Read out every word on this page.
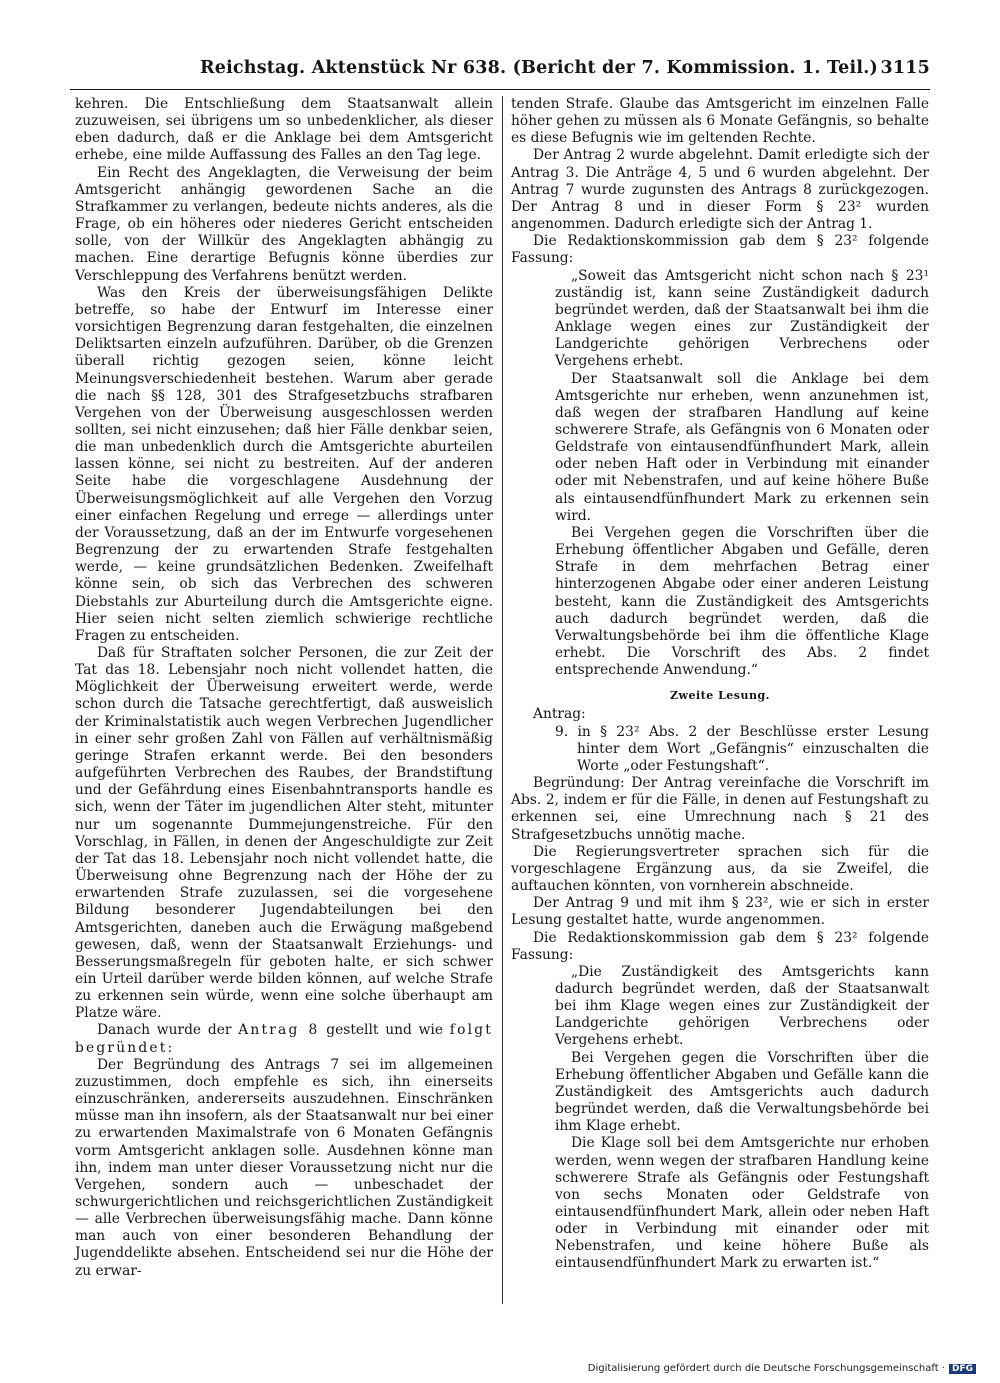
Reichstag. Aktenstück Nr 638. (Bericht der 7. Kommission. 1. Teil.) 3115

kehren. Die Entschließung dem Staatsanwalt allein zuzuweisen, sei übrigens um so unbedenklicher, als dieser eben dadurch, daß er die Anklage bei dem Amtsgericht erhebe, eine milde Auffassung des Falles an den Tag lege.

Ein Recht des Angeklagten, die Verweisung der beim Amtsgericht anhängig gewordenen Sache an die Strafkammer zu verlangen, bedeute nichts anderes, als die Frage, ob ein höheres oder niederes Gericht entscheiden solle, von der Willkür des Angeklagten abhängig zu machen. Eine derartige Befugnis könne überdies zur Verschleppung des Verfahrens benützt werden.

Was den Kreis der überweisungsfähigen Delikte betreffe, so habe der Entwurf im Interesse einer vorsichtigen Begrenzung daran festgehalten, die einzelnen Deliktsarten einzeln aufzuführen. Darüber, ob die Grenzen überall richtig gezogen seien, könne leicht Meinungsverschiedenheit bestehen. Warum aber gerade die nach §§ 128, 301 des Strafgesetzbuchs strafbaren Vergehen von der Überweisung ausgeschlossen werden sollten, sei nicht einzusehen; daß hier Fälle denkbar seien, die man unbedenklich durch die Amtsgerichte aburteilen lassen könne, sei nicht zu bestreiten. Auf der anderen Seite habe die vorgeschlagene Ausdehnung der Überweisungsmöglichkeit auf alle Vergehen den Vorzug einer einfachen Regelung und errege — allerdings unter der Voraussetzung, daß an der im Entwurfe vorgesehenen Begrenzung der zu erwartenden Strafe festgehalten werde, — keine grundsätzlichen Bedenken. Zweifelhaft könne sein, ob sich das Verbrechen des schweren Diebstahls zur Aburteilung durch die Amtsgerichte eigne. Hier seien nicht selten ziemlich schwierige rechtliche Fragen zu entscheiden.

Daß für Straftaten solcher Personen, die zur Zeit der Tat das 18. Lebensjahr noch nicht vollendet hatten, die Möglichkeit der Überweisung erweitert werde, werde schon durch die Tatsache gerechtfertigt, daß ausweislich der Kriminalstatistik auch wegen Verbrechen Jugendlicher in einer sehr großen Zahl von Fällen auf verhältnismäßig geringe Strafen erkannt werde. Bei den besonders aufgeführten Verbrechen des Raubes, der Brandstiftung und der Gefährdung eines Eisenbahntransports handle es sich, wenn der Täter im jugendlichen Alter steht, mitunter nur um sogenannte Dummejungenstreiche. Für den Vorschlag, in Fällen, in denen der Angeschuldigte zur Zeit der Tat das 18. Lebensjahr noch nicht vollendet hatte, die Überweisung ohne Begrenzung nach der Höhe der zu erwartenden Strafe zuzulassen, sei die vorgesehene Bildung besonderer Jugendabteilungen bei den Amtsgerichten, daneben auch die Erwägung maßgebend gewesen, daß, wenn der Staatsanwalt Erziehungs- und Besserungsmaßregeln für geboten halte, er sich schwer ein Urteil darüber werde bilden können, auf welche Strafe zu erkennen sein würde, wenn eine solche überhaupt am Platze wäre.

Danach wurde der Antrag 8 gestellt und wie folgt begründet:

Der Begründung des Antrags 7 sei im allgemeinen zuzustimmen, doch empfehle es sich, ihn einerseits einzuschränken, andererseits auszudehnen. Einschränken müsse man ihn insofern, als der Staatsanwalt nur bei einer zu erwartenden Maximalstrafe von 6 Monaten Gefängnis vorm Amtsgericht anklagen solle. Ausdehnen könne man ihn, indem man unter dieser Voraussetzung nicht nur die Vergehen, sondern auch — unbeschadet der schwurgerichtlichen und reichsgerichtlichen Zuständigkeit — alle Verbrechen überweisungsfähig mache. Dann könne man auch von einer besonderen Behandlung der Jugenddelikte absehen. Entscheidend sei nur die Höhe der zu erwar-

tenden Strafe. Glaube das Amtsgericht im einzelnen Falle höher gehen zu müssen als 6 Monate Gefängnis, so behalte es diese Befugnis wie im geltenden Rechte.

Der Antrag 2 wurde abgelehnt. Damit erledigte sich der Antrag 3. Die Anträge 4, 5 und 6 wurden abgelehnt. Der Antrag 7 wurde zugunsten des Antrags 8 zurückgezogen. Der Antrag 8 und in dieser Form § 23² wurden angenommen. Dadurch erledigte sich der Antrag 1.

Die Redaktionskommission gab dem § 23² folgende Fassung:

„Soweit das Amtsgericht nicht schon nach § 23¹ zuständig ist, kann seine Zuständigkeit dadurch begründet werden, daß der Staatsanwalt bei ihm die Anklage wegen eines zur Zuständigkeit der Landgerichte gehörigen Verbrechens oder Vergehens erhebt.

Der Staatsanwalt soll die Anklage bei dem Amtsgerichte nur erheben, wenn anzunehmen ist, daß wegen der strafbaren Handlung auf keine schwerere Strafe, als Gefängnis von 6 Monaten oder Geldstrafe von eintausendfünfhundert Mark, allein oder neben Haft oder in Verbindung mit einander oder mit Nebenstrafen, und auf keine höhere Buße als eintausendfünfhundert Mark zu erkennen sein wird.

Bei Vergehen gegen die Vorschriften über die Erhebung öffentlicher Abgaben und Gefälle, deren Strafe in dem mehrfachen Betrag einer hinterzogenen Abgabe oder einer anderen Leistung besteht, kann die Zuständigkeit des Amtsgerichts auch dadurch begründet werden, daß die Verwaltungsbehörde bei ihm die öffentliche Klage erhebt. Die Vorschrift des Abs. 2 findet entsprechende Anwendung.“

Zweite Lesung.

Antrag:

9. in § 23² Abs. 2 der Beschlüsse erster Lesung hinter dem Wort „Gefängnis“ einzuschalten die Worte „oder Festungshaft“.

Begründung: Der Antrag vereinfache die Vorschrift im Abs. 2, indem er für die Fälle, in denen auf Festungshaft zu erkennen sei, eine Umrechnung nach § 21 des Strafgesetzbuchs unnötig mache.

Die Regierungsvertreter sprachen sich für die vorgeschlagene Ergänzung aus, da sie Zweifel, die auftauchen könnten, von vornherein abschneide.

Der Antrag 9 und mit ihm § 23², wie er sich in erster Lesung gestaltet hatte, wurde angenommen.

Die Redaktionskommission gab dem § 23² folgende Fassung:

„Die Zuständigkeit des Amtsgerichts kann dadurch begründet werden, daß der Staatsanwalt bei ihm Klage wegen eines zur Zuständigkeit der Landgerichte gehörigen Verbrechens oder Vergehens erhebt.

Bei Vergehen gegen die Vorschriften über die Erhebung öffentlicher Abgaben und Gefälle kann die Zuständigkeit des Amtsgerichts auch dadurch begründet werden, daß die Verwaltungsbehörde bei ihm Klage erhebt.

Die Klage soll bei dem Amtsgerichte nur erhoben werden, wenn wegen der strafbaren Handlung keine schwerere Strafe als Gefängnis oder Festungshaft von sechs Monaten oder Geldstrafe von eintausendfünfhundert Mark, allein oder neben Haft oder in Verbindung mit einander oder mit Nebenstrafen, und keine höhere Buße als eintausendfünfhundert Mark zu erwarten ist.“

Digitalisierung gefördert durch die Deutsche Forschungsgemeinschaft · DFG
